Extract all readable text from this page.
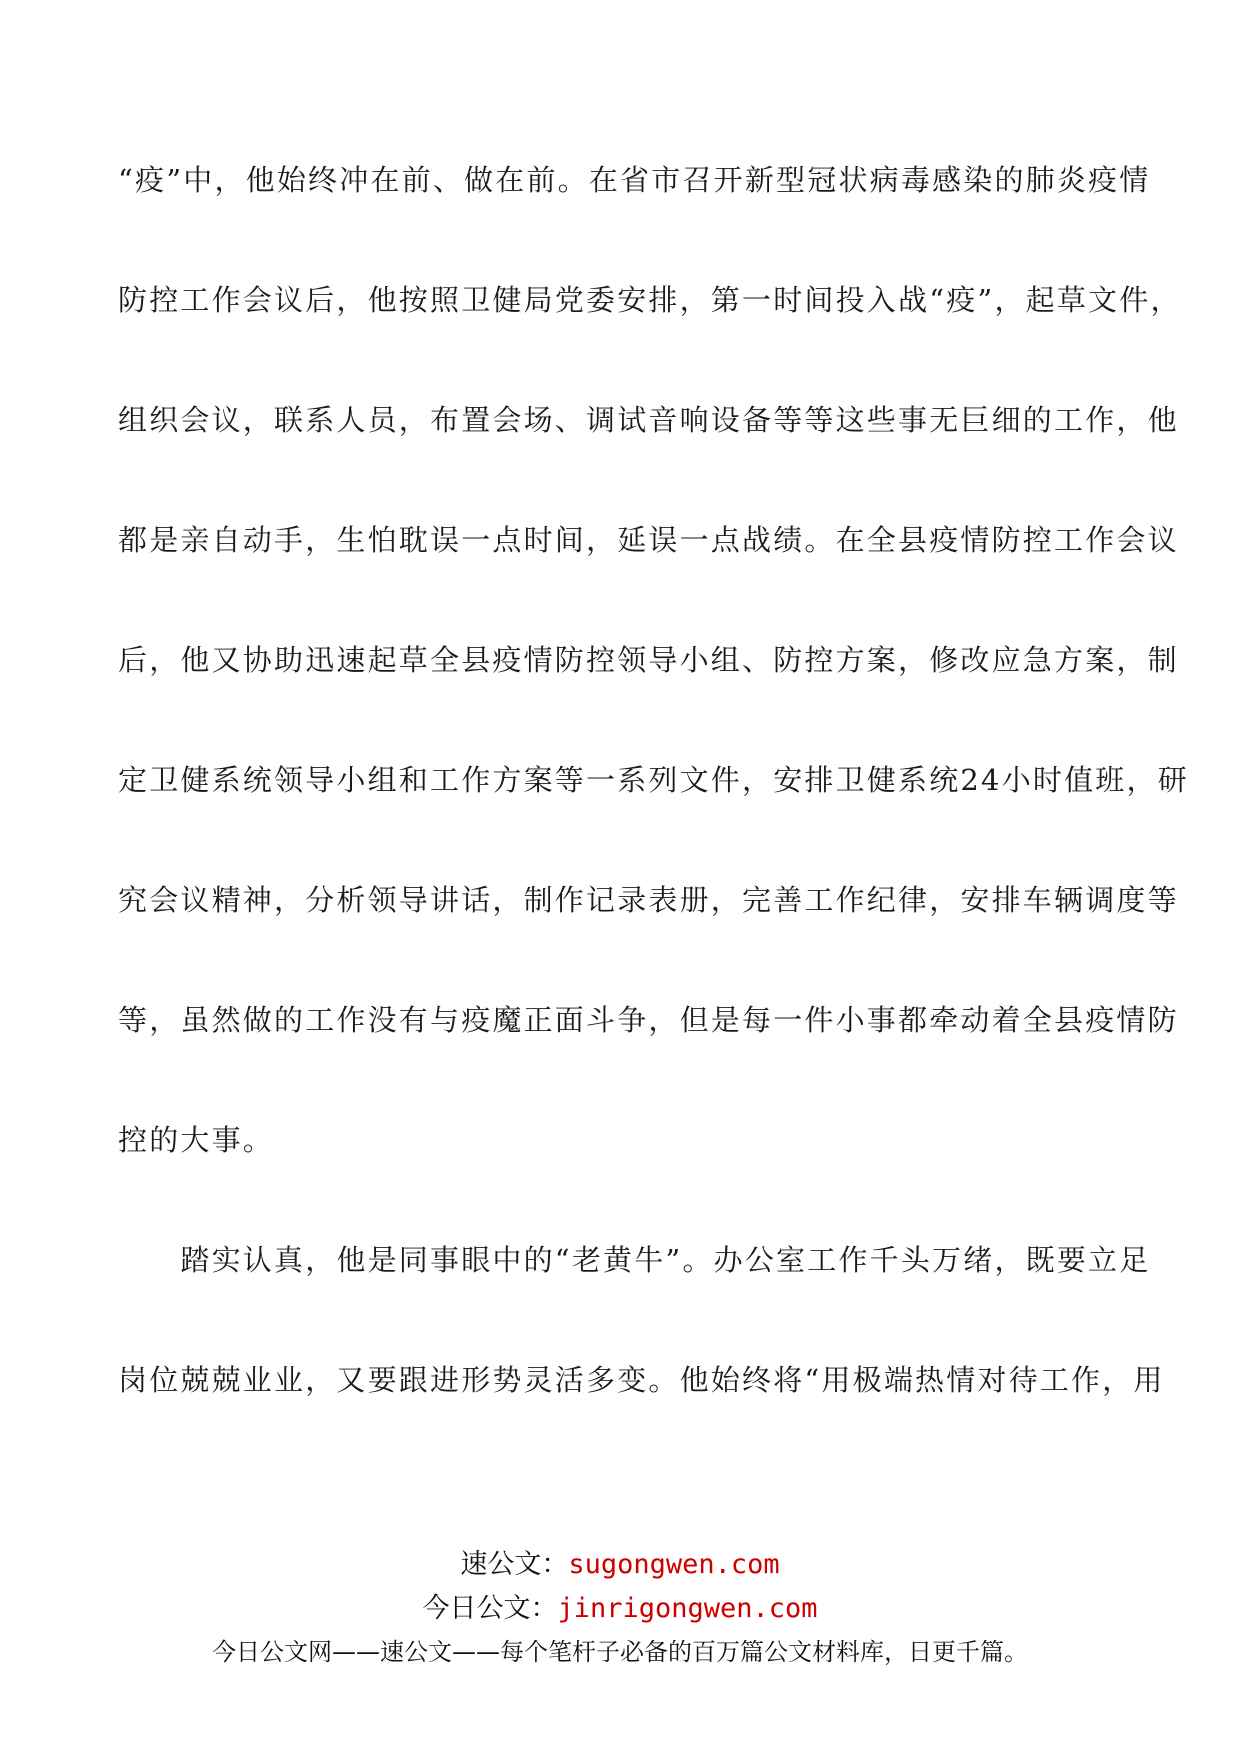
“疫”中，他始终冲在前、做在前。在省市召开新型冠状病毒感染的肺炎疫情

防控工作会议后，他按照卫健局党委安排，第一时间投入战“疫”，起草文件，

组织会议，联系人员，布置会场、调试音响设备等等这些事无巨细的工作，他

都是亲自动手，生怕耽误一点时间，延误一点战绩。在全县疫情防控工作会议

后，他又协助迅速起草全县疫情防控领导小组、防控方案，修改应急方案，制

定卫健系统领导小组和工作方案等一系列文件，安排卫健系统24小时值班，研

究会议精神，分析领导讲话，制作记录表册，完善工作纪律，安排车辆调度等

等，虽然做的工作没有与疫魔正面斗争，但是每一件小事都牵动着全县疫情防

控的大事。

　　踏实认真，他是同事眼中的“老黄牛”。办公室工作千头万绪，既要立足

岗位兢兢业业，又要跟进形势灵活多变。他始终将“用极端热情对待工作，用

速公文：sugongwen.com
今日公文：jinrigongwen.com
今日公文网——速公文——每个笔杆子必备的百万篇公文材料库，日更千篇。
